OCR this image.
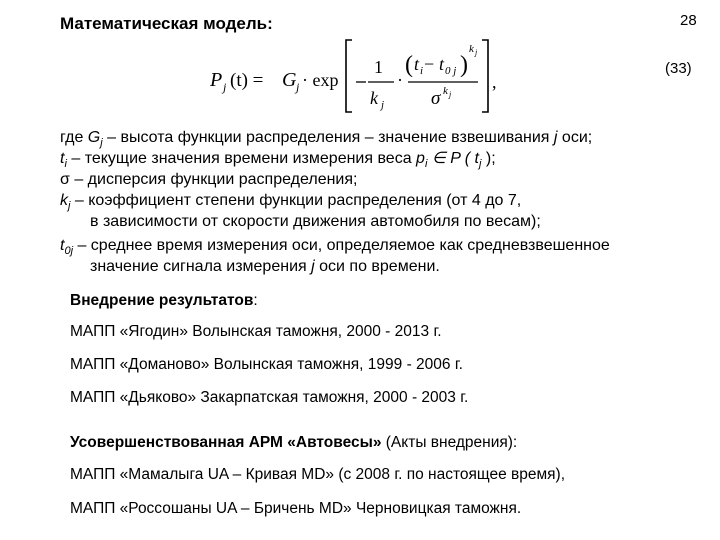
Математическая модель:	28
(33)
P j (t) = G j · exp
1
k j
·
( t i − t 0 j )
k j
σ k j
,
где $G_j$ – высота функции распределения – значение взвешивания j оси;
$t_i$ – текущие значения времени измерения веса $p_i$ ∈ P ( $t_j$ );
σ – дисперсия функции распределения;
$k_j$ – коэффициент степени функции распределения (от 4 до 7,
в зависимости от скорости движения автомобиля по весам);
$t_{0j}$ – среднее время измерения оси, определяемое как средневзвешенное
значение сигнала измерения j оси по времени.
Внедрение результатов:
МАПП «Ягодин» Волынская таможня, 2000 - 2013 г.
МАПП «Доманово» Волынская таможня, 1999 - 2006 г.
МАПП «Дьяково» Закарпатская таможня, 2000 - 2003 г.
Усовершенствованная АРМ «Автовесы» (Акты внедрения):
МАПП «Мамалыга UA – Кривая MD» (с 2008 г. по настоящее время),
МАПП «Россошаны UA – Бричень MD» Черновицкая таможня.
